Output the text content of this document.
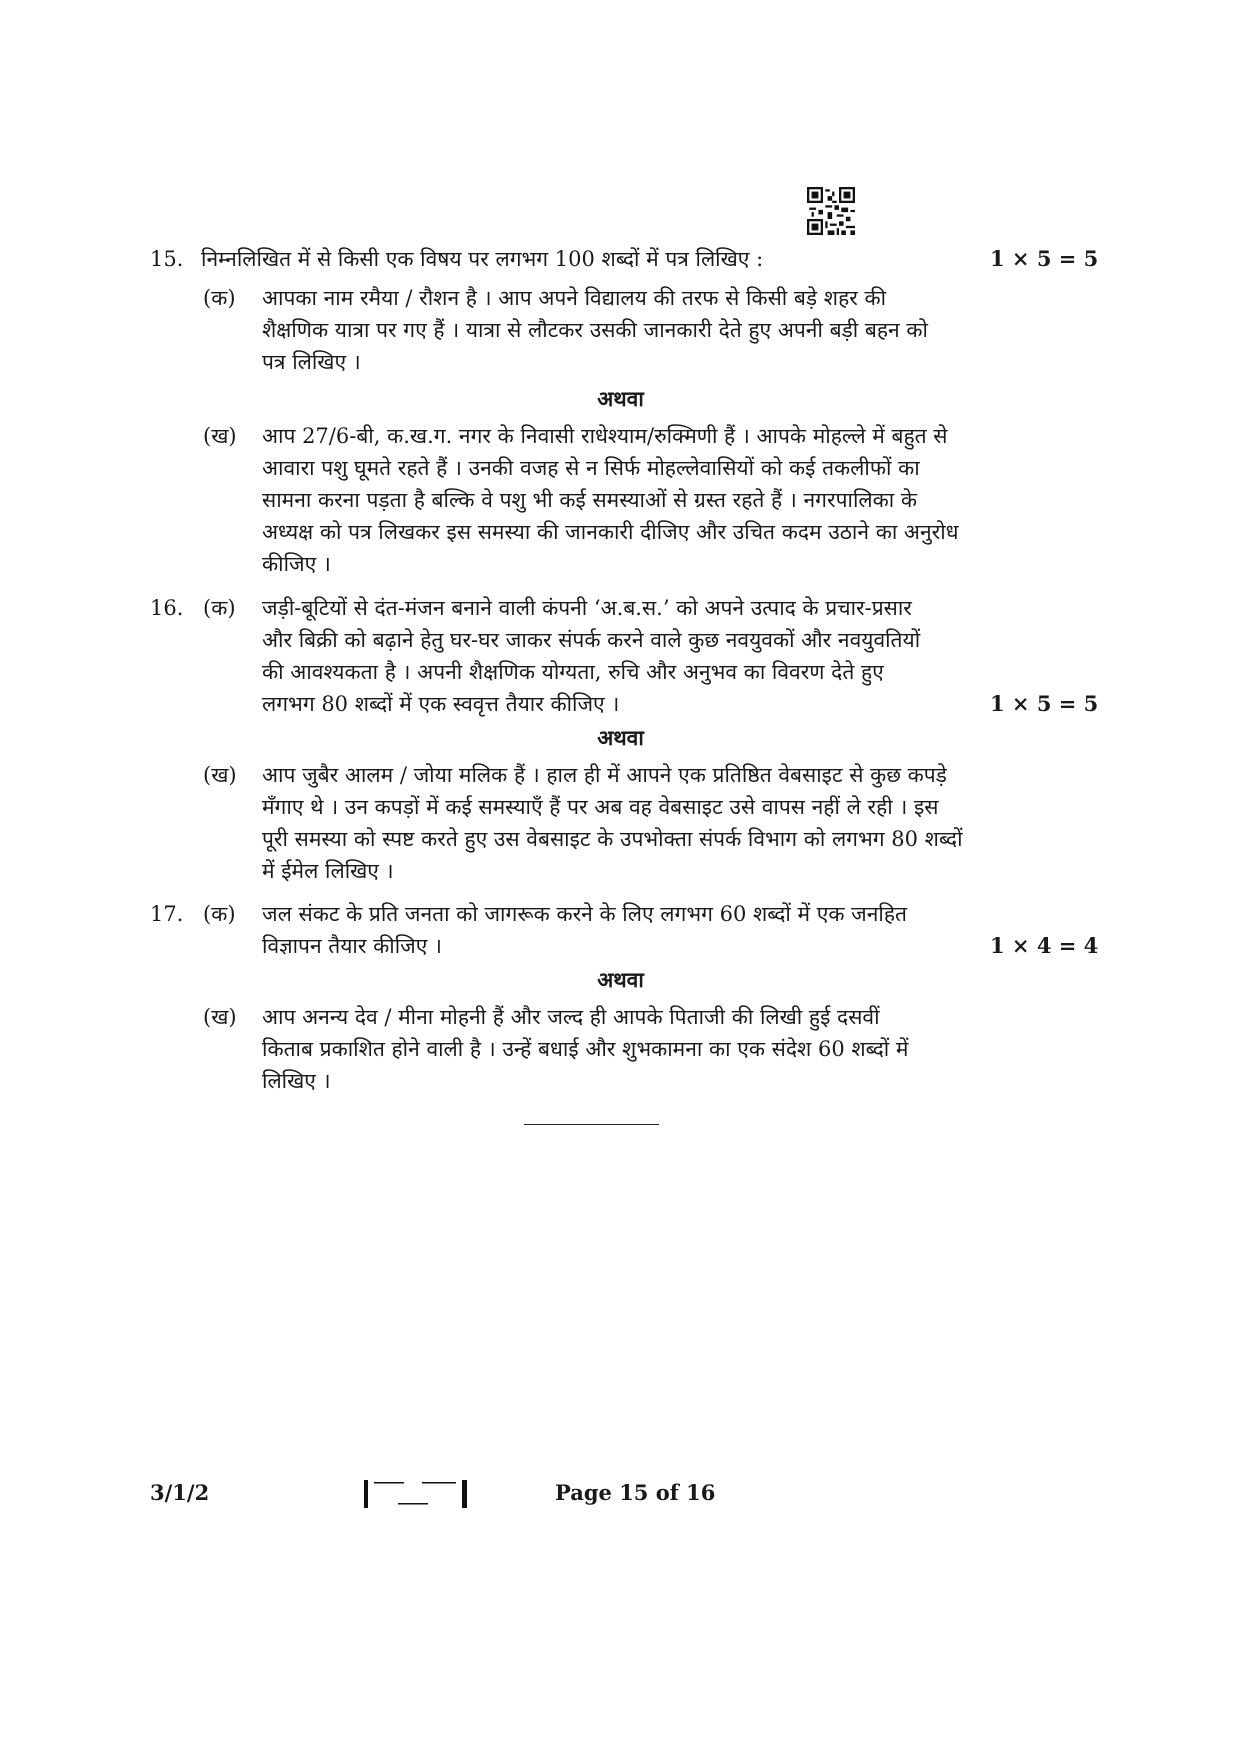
15. निम्नलिखित में से किसी एक विषय पर लगभग 100 शब्दों में पत्र लिखिए :	1 × 5 = 5
(क)	आपका नाम रमैया / रौशन है । आप अपने विद्यालय की तरफ से किसी बड़े शहर की
शैक्षणिक यात्रा पर गए हैं । यात्रा से लौटकर उसकी जानकारी देते हुए अपनी बड़ी बहन को
पत्र लिखिए ।
अथवा
(ख)	आप 27/6-बी, क.ख.ग. नगर के निवासी राधेश्याम/रुक्मिणी हैं । आपके मोहल्ले में बहुत से
आवारा पशु घूमते रहते हैं । उनकी वजह से न सिर्फ मोहल्लेवासियों को कई तकलीफों का
सामना करना पड़ता है बल्कि वे पशु भी कई समस्याओं से ग्रस्त रहते हैं । नगरपालिका के
अध्यक्ष को पत्र लिखकर इस समस्या की जानकारी दीजिए और उचित कदम उठाने का अनुरोध
कीजिए ।
16. (क)	जड़ी-बूटियों से दंत-मंजन बनाने वाली कंपनी ‘अ.ब.स.’ को अपने उत्पाद के प्रचार-प्रसार
और बिक्री को बढ़ाने हेतु घर-घर जाकर संपर्क करने वाले कुछ नवयुवकों और नवयुवतियों
की आवश्यकता है । अपनी शैक्षणिक योग्यता, रुचि और अनुभव का विवरण देते हुए
लगभग 80 शब्दों में एक स्ववृत्त तैयार कीजिए ।	1 × 5 = 5
अथवा
(ख)	आप जुबैर आलम / जोया मलिक हैं । हाल ही में आपने एक प्रतिष्ठित वेबसाइट से कुछ कपड़े
मँगाए थे । उन कपड़ों में कई समस्याएँ हैं पर अब वह वेबसाइट उसे वापस नहीं ले रही । इस
पूरी समस्या को स्पष्ट करते हुए उस वेबसाइट के उपभोक्ता संपर्क विभाग को लगभग 80 शब्दों
में ईमेल लिखिए ।
17. (क)	जल संकट के प्रति जनता को जागरूक करने के लिए लगभग 60 शब्दों में एक जनहित
विज्ञापन तैयार कीजिए ।	1 × 4 = 4
अथवा
(ख)	आप अनन्य देव / मीना मोहनी हैं और जल्द ही आपके पिताजी की लिखी हुई दसवीं
किताब प्रकाशित होने वाली है । उन्हें बधाई और शुभकामना का एक संदेश 60 शब्दों में
लिखिए ।
3/1/2	Page 15 of 16
